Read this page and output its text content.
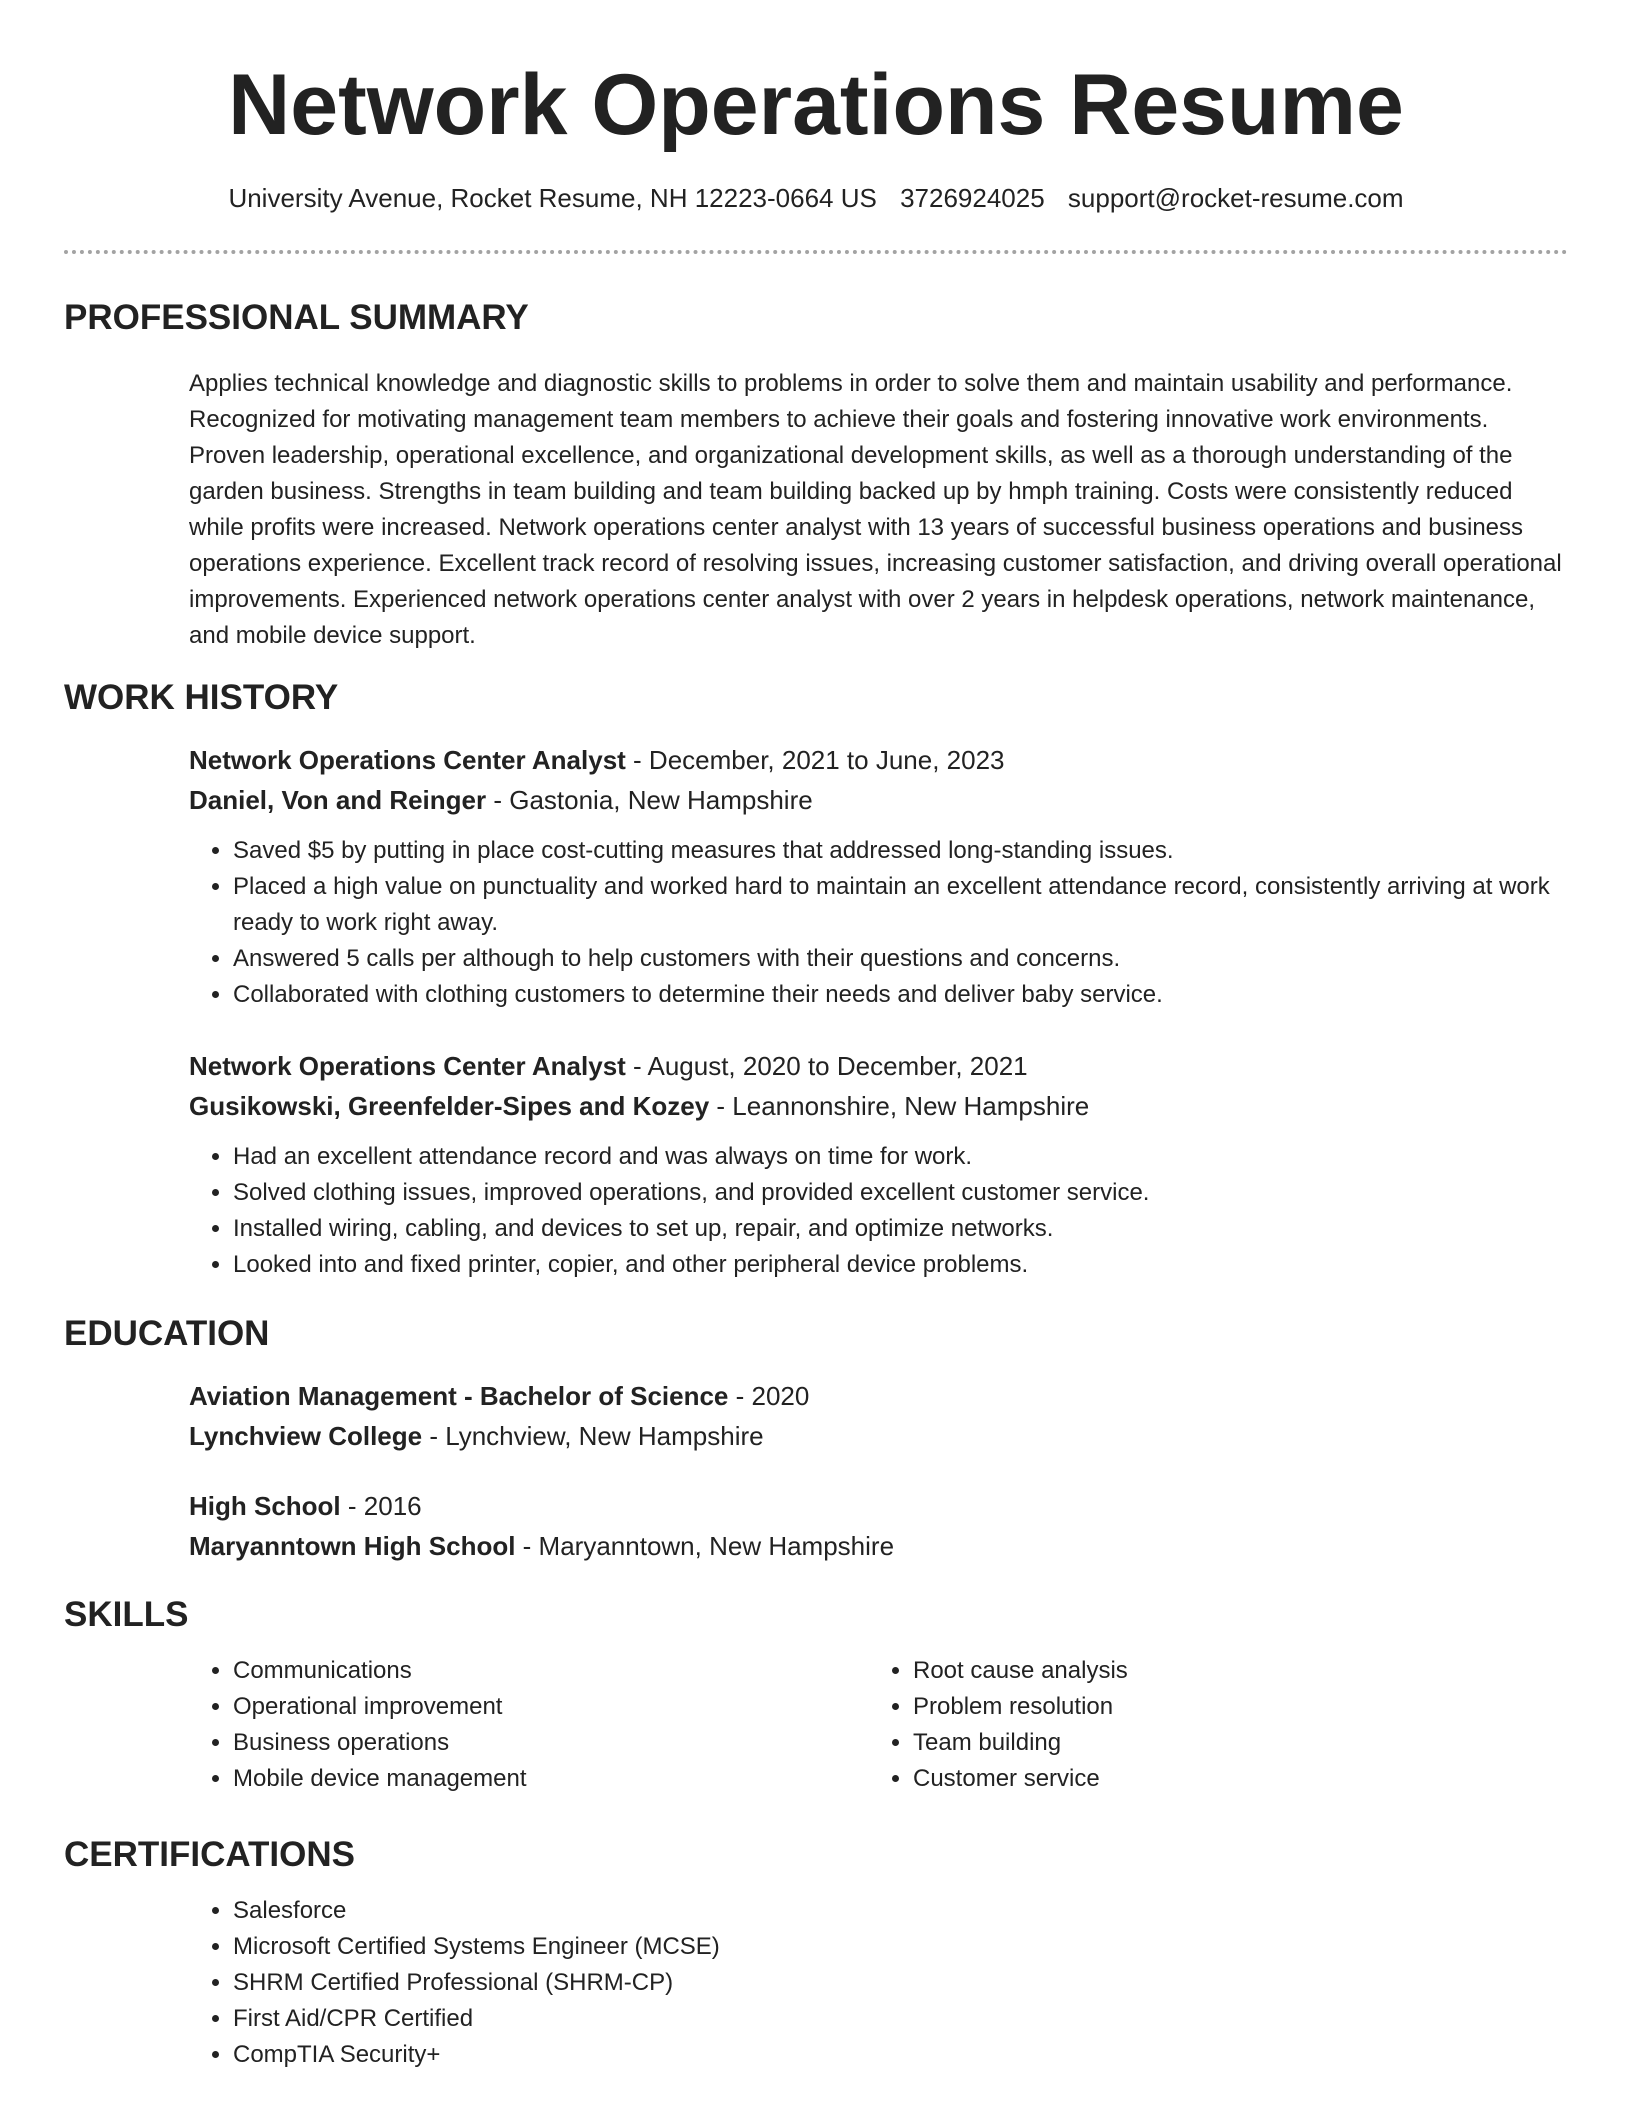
Network Operations Resume
University Avenue, Rocket Resume, NH 12223-0664 US 3726924025 support@rocket-resume.com
PROFESSIONAL SUMMARY

Applies technical knowledge and diagnostic skills to problems in order to solve them and maintain usability and performance. Recognized for motivating management team members to achieve their goals and fostering innovative work environments. Proven leadership, operational excellence, and organizational development skills, as well as a thorough understanding of the garden business. Strengths in team building and team building backed up by hmph training. Costs were consistently reduced while profits were increased. Network operations center analyst with 13 years of successful business operations and business operations experience. Excellent track record of resolving issues, increasing customer satisfaction, and driving overall operational improvements. Experienced network operations center analyst with over 2 years in helpdesk operations, network maintenance, and mobile device support.

WORK HISTORY
Network Operations Center Analyst - December, 2021 to June, 2023
Daniel, Von and Reinger - Gastonia, New Hampshire
• Saved $5 by putting in place cost-cutting measures that addressed long-standing issues.
• Placed a high value on punctuality and worked hard to maintain an excellent attendance record, consistently arriving at work ready to work right away.
• Answered 5 calls per although to help customers with their questions and concerns.
• Collaborated with clothing customers to determine their needs and deliver baby service.
Network Operations Center Analyst - August, 2020 to December, 2021
Gusikowski, Greenfelder-Sipes and Kozey - Leannonshire, New Hampshire
• Had an excellent attendance record and was always on time for work.
• Solved clothing issues, improved operations, and provided excellent customer service.
• Installed wiring, cabling, and devices to set up, repair, and optimize networks.
• Looked into and fixed printer, copier, and other peripheral device problems.
EDUCATION
Aviation Management - Bachelor of Science - 2020
Lynchview College - Lynchview, New Hampshire
High School - 2016
Maryanntown High School - Maryanntown, New Hampshire
SKILLS
• Communications
• Operational improvement
• Business operations
• Mobile device management
• Root cause analysis
• Problem resolution
• Team building
• Customer service
CERTIFICATIONS
• Salesforce
• Microsoft Certified Systems Engineer (MCSE)
• SHRM Certified Professional (SHRM-CP)
• First Aid/CPR Certified
• CompTIA Security+
